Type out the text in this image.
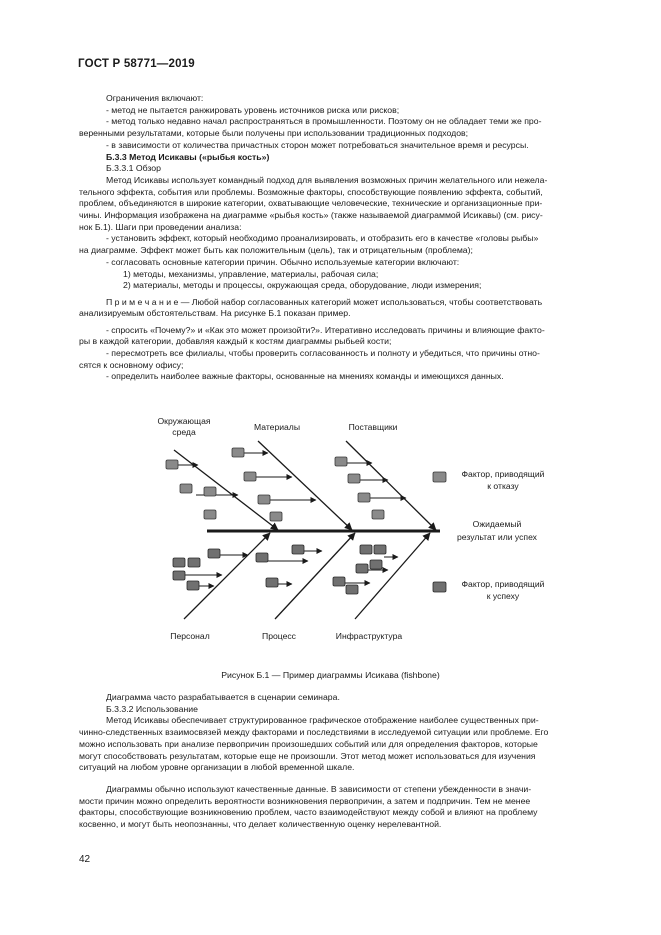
ГОСТ Р 58771—2019
Ограничения включают:
- метод не пытается ранжировать уровень источников риска или рисков;
- метод только недавно начал распространяться в промышленности. Поэтому он не обладает теми же про-
веренными результатами, которые были получены при использовании традиционных подходов;
- в зависимости от количества причастных сторон может потребоваться значительное время и ресурсы.
Б.3.3 Метод Исикавы («рыбья кость»)
Б.3.3.1 Обзор
Метод Исикавы использует командный подход для выявления возможных причин желательного или нежела-
тельного эффекта, события или проблемы. Возможные факторы, способствующие появлению эффекта, событий,
проблем, объединяются в широкие категории, охватывающие человеческие, технические и организационные при-
чины. Информация изображена на диаграмме «рыбья кость» (также называемой диаграммой Исикавы) (см. рису-
нок Б.1). Шаги при проведении анализа:
- установить эффект, который необходимо проанализировать, и отобразить его в качестве «головы рыбы»
на диаграмме. Эффект может быть как положительным (цель), так и отрицательным (проблема);
- согласовать основные категории причин. Обычно используемые категории включают:
1) методы, механизмы, управление, материалы, рабочая сила;
2) материалы, методы и процессы, окружающая среда, оборудование, люди измерения;
П р и м е ч а н и е — Любой набор согласованных категорий может использоваться, чтобы соответствовать
анализируемым обстоятельствам. На рисунке Б.1 показан пример.
- спросить «Почему?» и «Как это может произойти?». Итеративно исследовать причины и влияющие факто-
ры в каждой категории, добавляя каждый к костям диаграммы рыбьей кости;
- пересмотреть все филиалы, чтобы проверить согласованность и полноту и убедиться, что причины отно-
сятся к основному офису;
- определить наиболее важные факторы, основанные на мнениях команды и имеющихся данных.
Окружающая
среда	Материалы	Поставщики
Персонал	Процесс	Инфраструктура
Ожидаемый
результат или успех
Фактор, приводящий
к отказу
Фактор, приводящий
к успеху
Рисунок Б.1 — Пример диаграммы Исикава (fishbone)
Диаграмма часто разрабатывается в сценарии семинара.
Б.3.3.2 Использование
Метод Исикавы обеспечивает структурированное графическое отображение наиболее существенных при-
чинно-следственных взаимосвязей между факторами и последствиями в исследуемой ситуации или проблеме. Его
можно использовать при анализе первопричин произошедших событий или для определения факторов, которые
могут способствовать результатам, которые еще не произошли. Этот метод может использоваться для изучения
ситуаций на любом уровне организации в любой временной шкале.
Диаграммы обычно используют качественные данные. В зависимости от степени убежденности в значи-
мости причин можно определить вероятности возникновения первопричин, а затем и подпричин. Тем не менее
факторы, способствующие возникновению проблем, часто взаимодействуют между собой и влияют на проблему
косвенно, и могут быть неопознанны, что делает количественную оценку нерелевантной.
42
